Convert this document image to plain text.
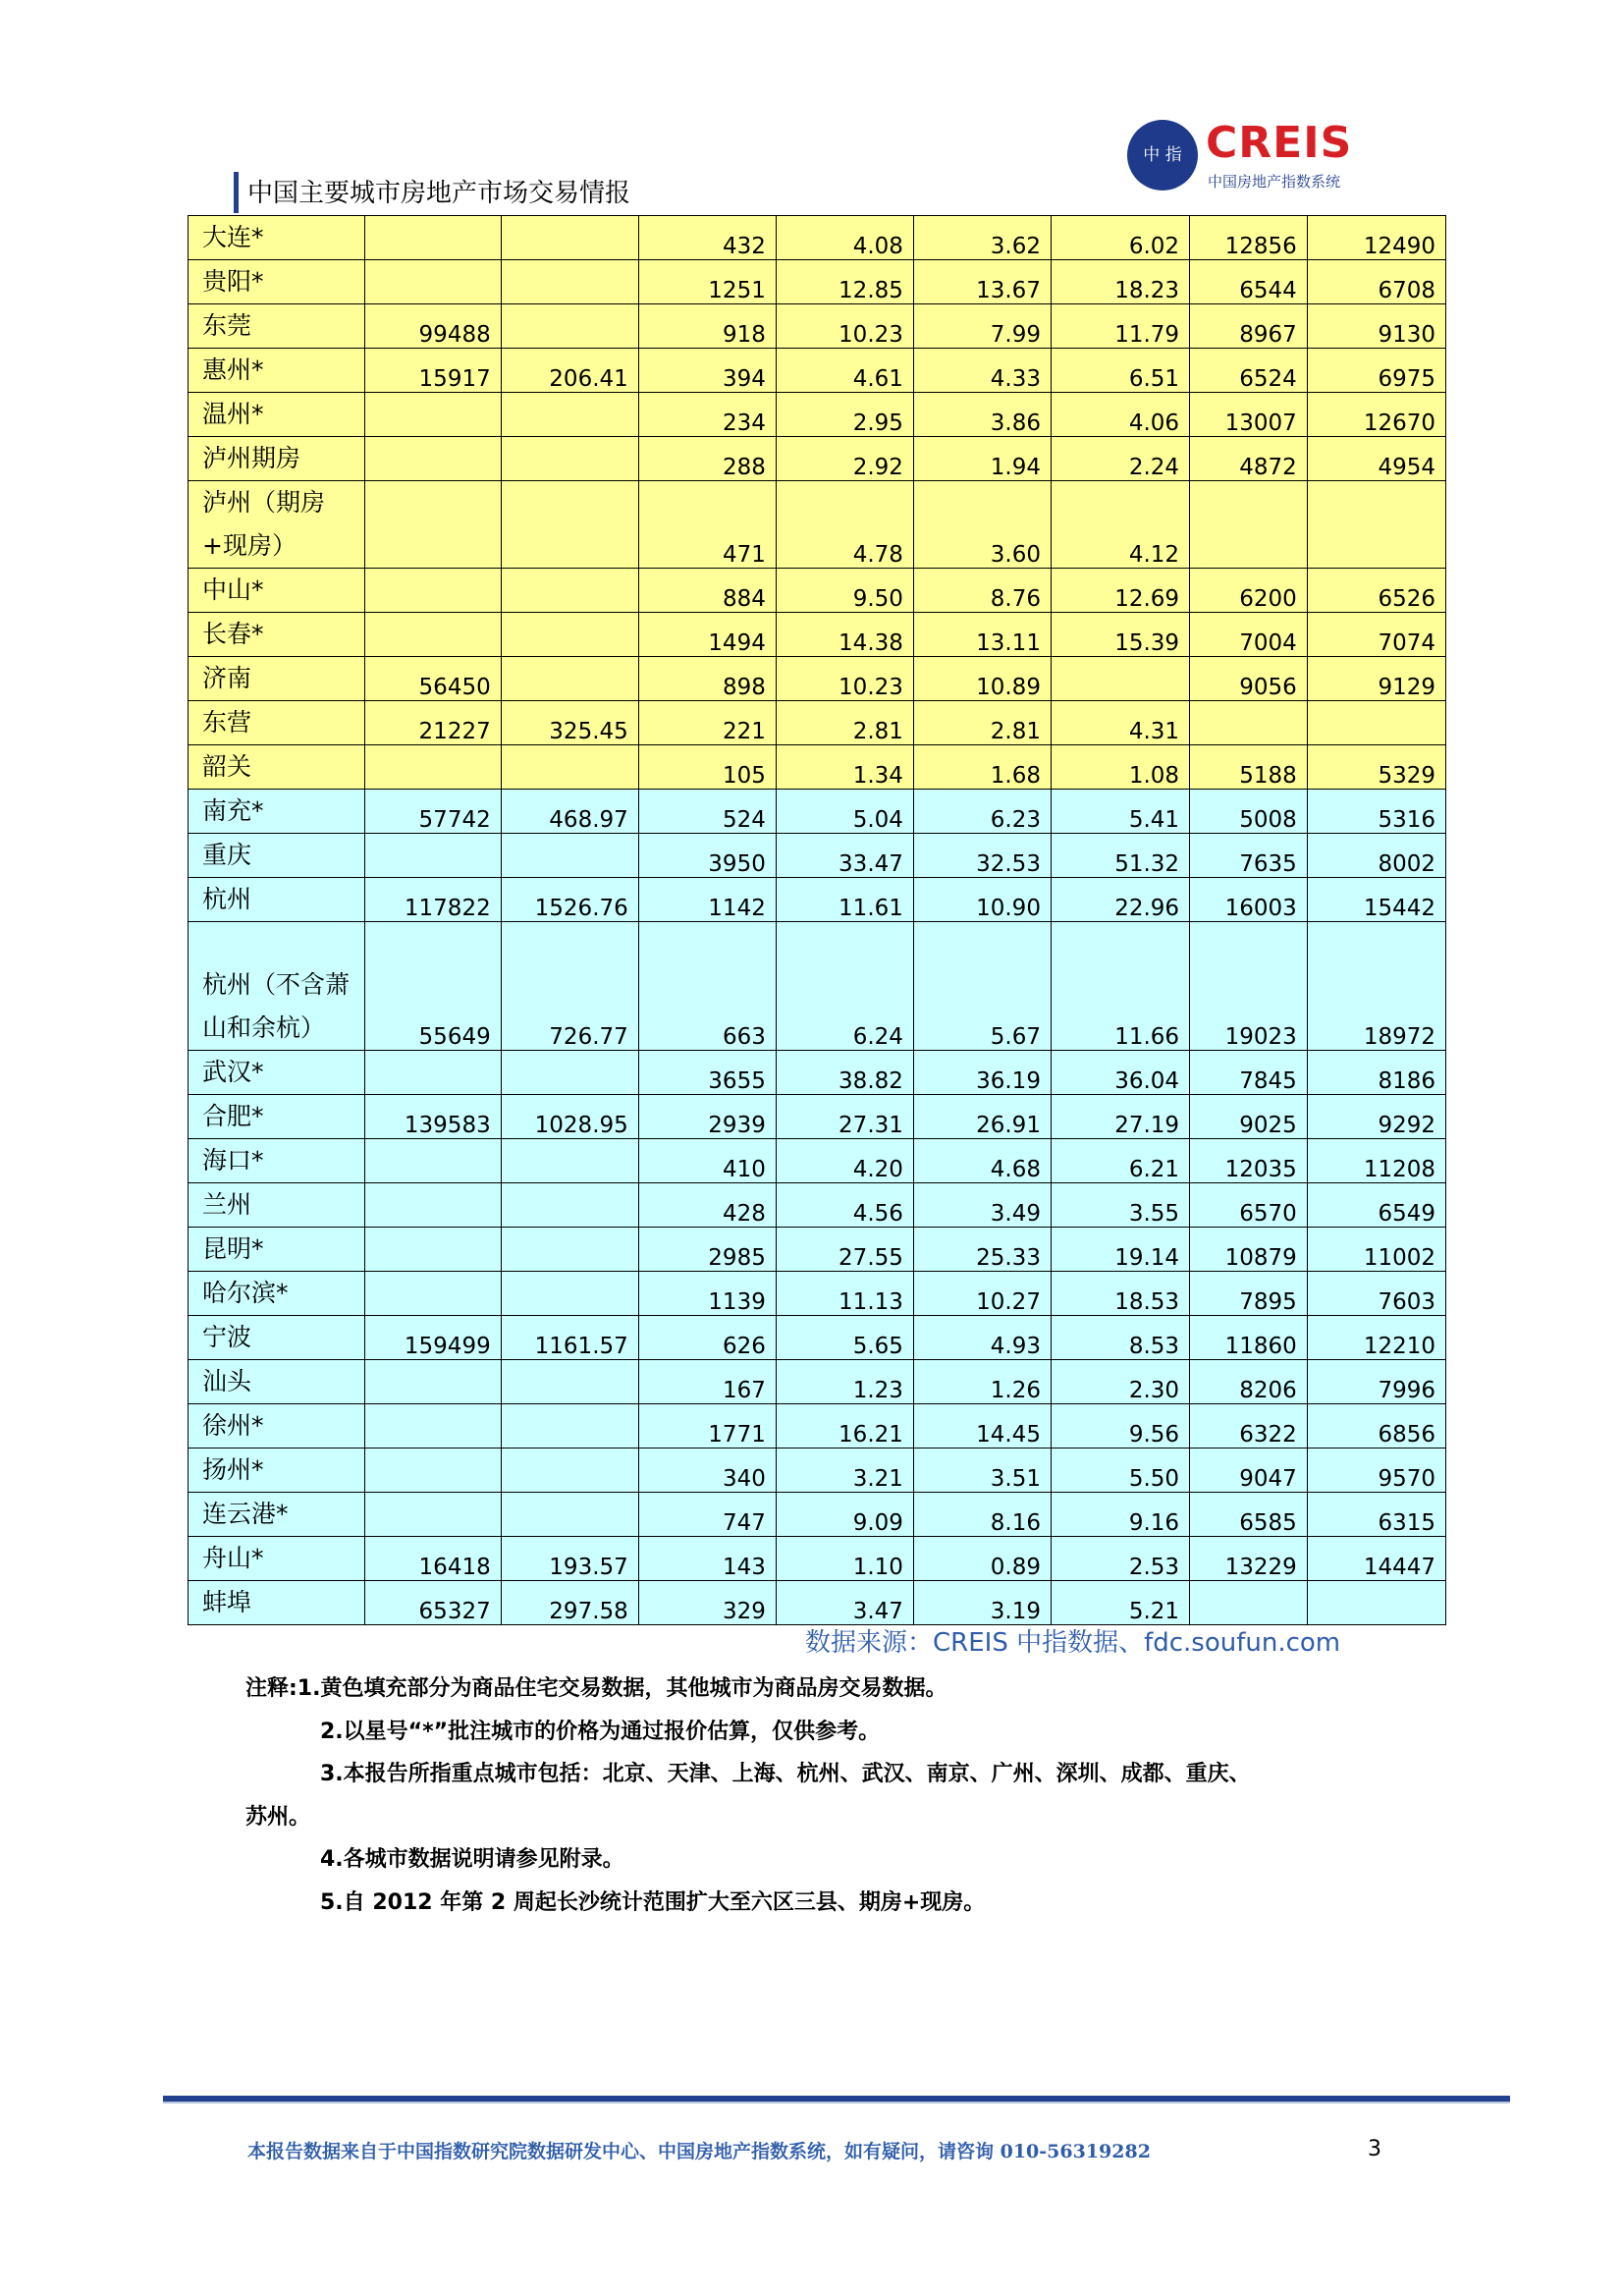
中国主要城市房地产市场交易情报
中 指 CREIS
中国房地产指数系统
大连*			432	4.08	3.62	6.02	12856	12490
贵阳*			1251	12.85	13.67	18.23	6544	6708
东莞	99488		918	10.23	7.99	11.79	8967	9130
惠州*	15917	206.41	394	4.61	4.33	6.51	6524	6975
温州*			234	2.95	3.86	4.06	13007	12670
泸州期房			288	2.92	1.94	2.24	4872	4954
泸州（期房+现房）			471	4.78	3.60	4.12		
中山*			884	9.50	8.76	12.69	6200	6526
长春*			1494	14.38	13.11	15.39	7004	7074
济南	56450		898	10.23	10.89		9056	9129
东营	21227	325.45	221	2.81	2.81	4.31		
韶关			105	1.34	1.68	1.08	5188	5329
南充*	57742	468.97	524	5.04	6.23	5.41	5008	5316
重庆			3950	33.47	32.53	51.32	7635	8002
杭州	117822	1526.76	1142	11.61	10.90	22.96	16003	15442
杭州（不含萧山和余杭）	55649	726.77	663	6.24	5.67	11.66	19023	18972
武汉*			3655	38.82	36.19	36.04	7845	8186
合肥*	139583	1028.95	2939	27.31	26.91	27.19	9025	9292
海口*			410	4.20	4.68	6.21	12035	11208
兰州			428	4.56	3.49	3.55	6570	6549
昆明*			2985	27.55	25.33	19.14	10879	11002
哈尔滨*			1139	11.13	10.27	18.53	7895	7603
宁波	159499	1161.57	626	5.65	4.93	8.53	11860	12210
汕头			167	1.23	1.26	2.30	8206	7996
徐州*			1771	16.21	14.45	9.56	6322	6856
扬州*			340	3.21	3.51	5.50	9047	9570
连云港*			747	9.09	8.16	9.16	6585	6315
舟山*	16418	193.57	143	1.10	0.89	2.53	13229	14447
蚌埠	65327	297.58	329	3.47	3.19	5.21		
数据来源：CREIS 中指数据、fdc.soufun.com
注释:1.黄色填充部分为商品住宅交易数据，其他城市为商品房交易数据。
2.以星号“*”批注城市的价格为通过报价估算，仅供参考。
3.本报告所指重点城市包括：北京、天津、上海、杭州、武汉、南京、广州、深圳、成都、重庆、
苏州。
4.各城市数据说明请参见附录。
5.自 2012 年第 2 周起长沙统计范围扩大至六区三县、期房+现房。
本报告数据来自于中国指数研究院数据研发中心、中国房地产指数系统，如有疑问，请咨询 010-56319282	3
